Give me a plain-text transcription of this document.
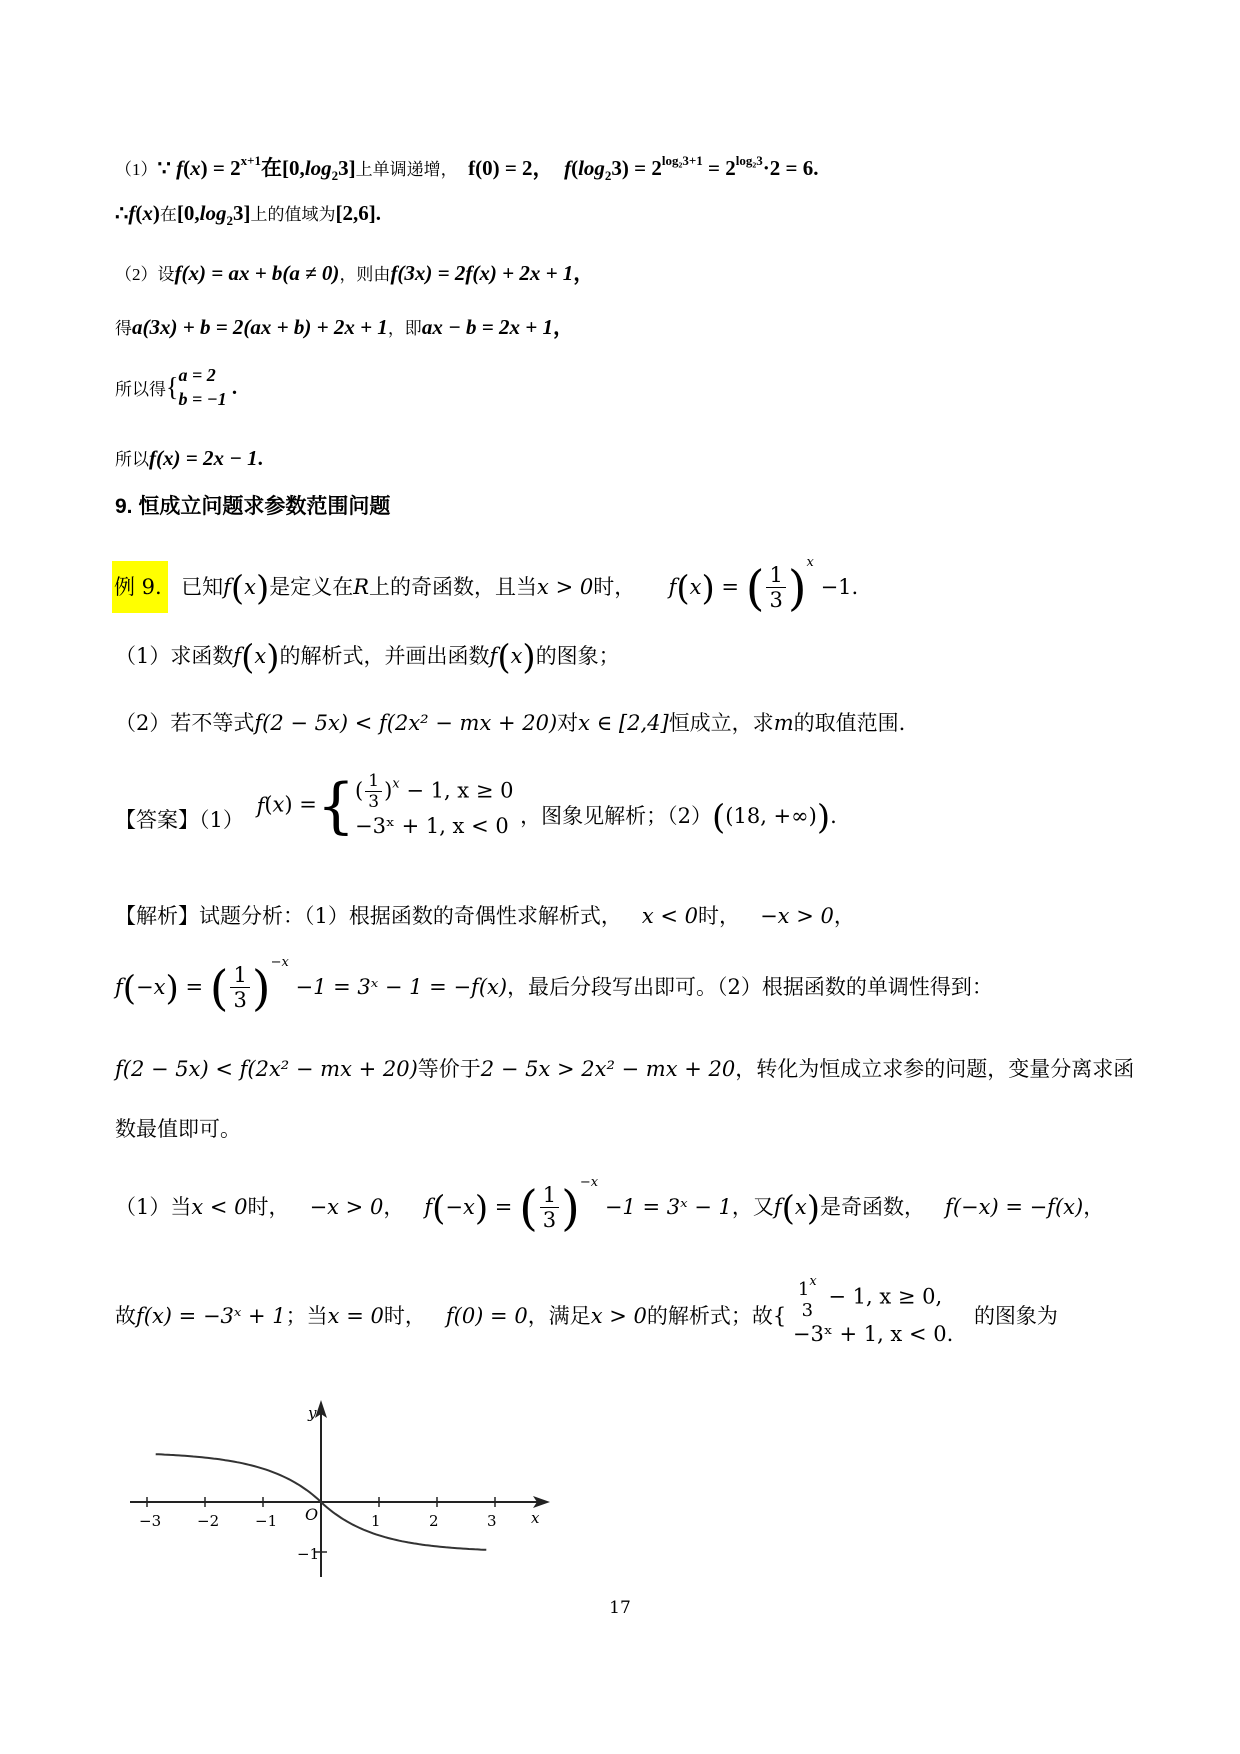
（1）∵ $f(x) = 2^{x+1}$在$[0,\log_23]$上单调递增， f(0) = 2， $f(\log_23) = 2^{log_23+1} = 2^{log_23}\cdot 2 = 6$.
∴f(x)在$[0,\log_23]$上的值域为[2,6].
（2）设f(x) = ax + b(a ≠ 0)，则由f(3x) = 2f(x) + 2x + 1，
得a(3x) + b = 2(ax + b) + 2x + 1，即ax − b = 2x + 1，
所以得{ a = 2
b = −1
.
所以f(x) = 2x − 1.
9. 恒成立问题求参数范围问题
例 9. 已知f(x)是定义在R上的奇函数，且当x > 0时， f(x) = ( $\frac{1}{3} )^x -1$.
（1）求函数f(x)的解析式，并画出函数f(x)的图象；
（2）若不等式f(2 − 5x) < f(2x² − mx + 20)对x ∈ [2,4]恒成立，求m的取值范围.
【答案】（1） f(x) ={ ( $\frac{1}{3} )^x - 1$, x ≥ 0
−3ˣ + 1, x < 0 ，图象见解析；（2）((18, +∞)).
【解析】试题分析：（1）根据函数的奇偶性求解析式， x < 0时， −x > 0，
f(−x) = ( $\frac{1}{3} )^{-x} -1$ = 3ˣ − 1 = −f(x)，最后分段写出即可。（2）根据函数的单调性得到：
f(2 − 5x) < f(2x² − mx + 20)等价于2 − 5x > 2x² − mx + 20，转化为恒成立求参的问题，变量分离求函
数最值即可。
（1）当x < 0时， −x > 0， f(−x) = ( $\frac{1}{3} )^{-x} -1$ = 3ˣ − 1，又f(x)是奇函数， f(−x) = −f(x)，
故f(x) = −3ˣ + 1；当x = 0时， f(0) = 0，满足x > 0的解析式；故{
1$^x$
3
− 1, x ≥ 0,
−3ˣ + 1, x < 0.
的图象为
−3 −2 −1	1	2	3
O	x
y
−1
17
